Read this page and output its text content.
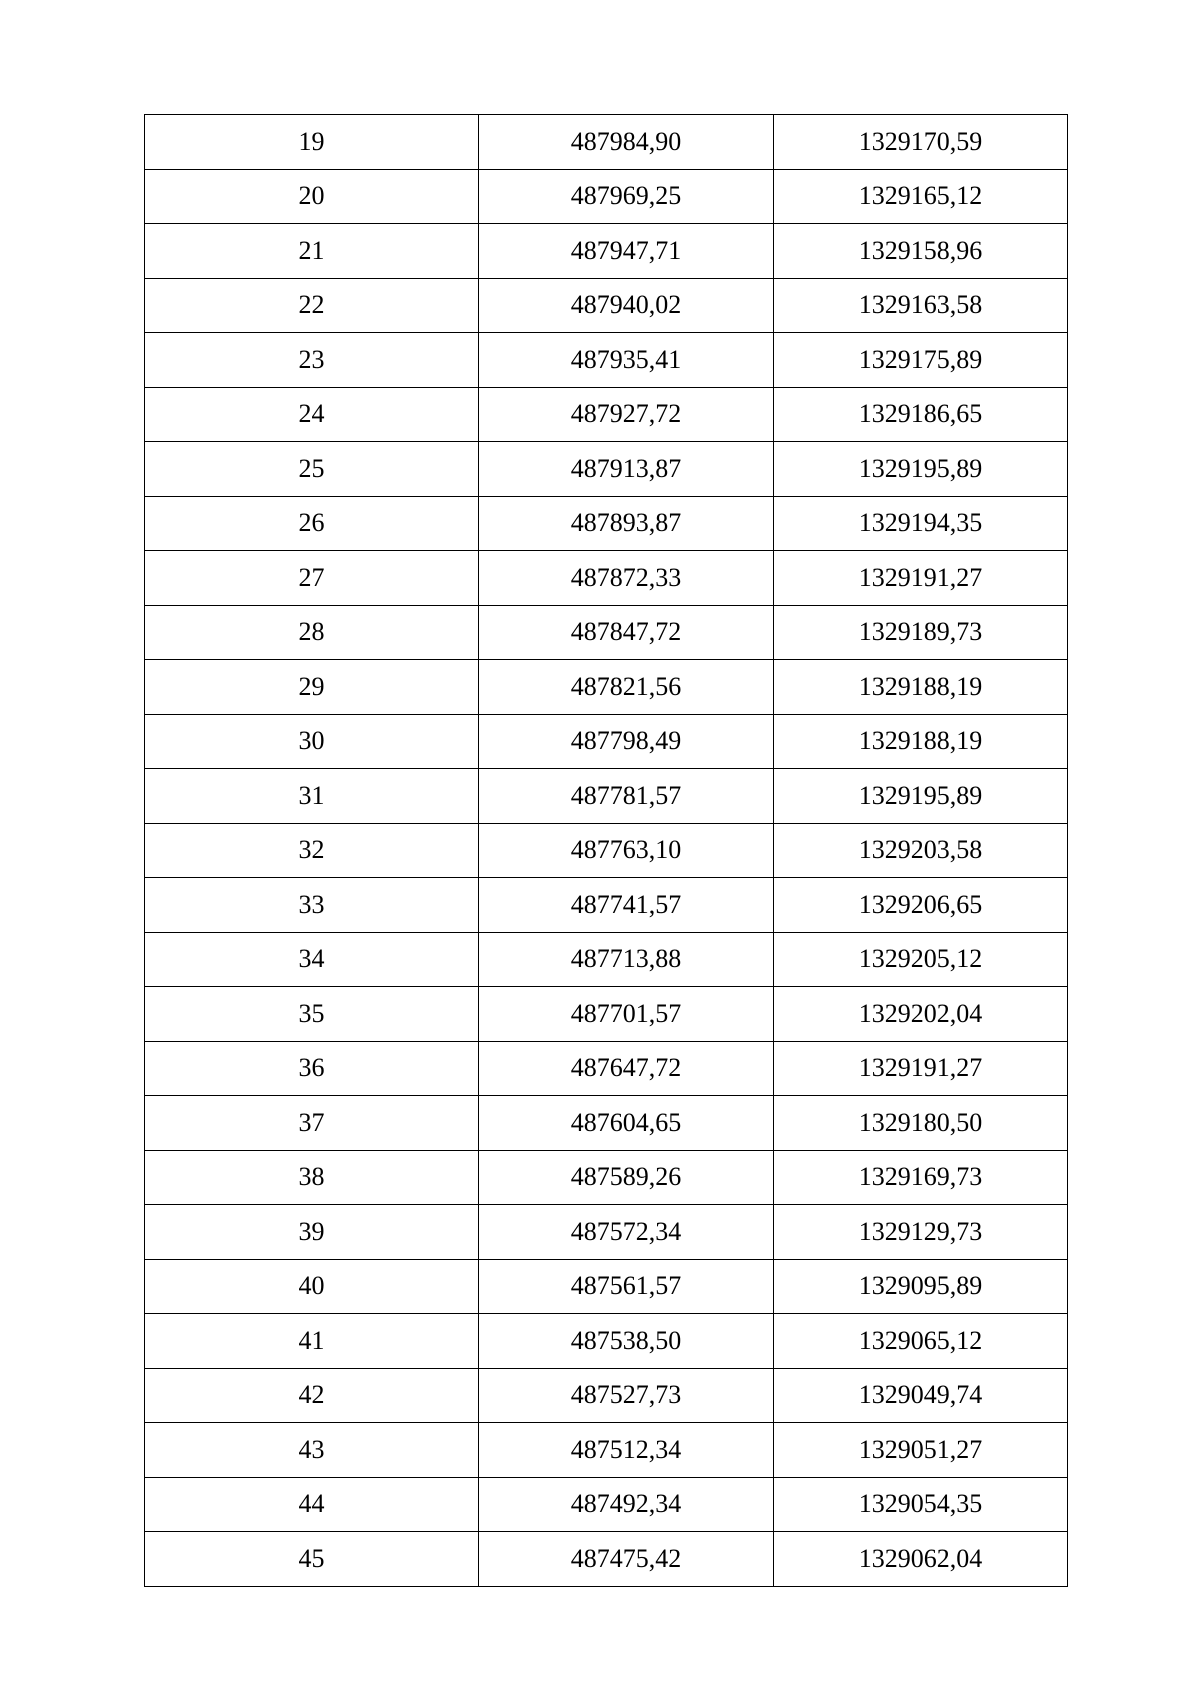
19	487984,90	1329170,59
20	487969,25	1329165,12
21	487947,71	1329158,96
22	487940,02	1329163,58
23	487935,41	1329175,89
24	487927,72	1329186,65
25	487913,87	1329195,89
26	487893,87	1329194,35
27	487872,33	1329191,27
28	487847,72	1329189,73
29	487821,56	1329188,19
30	487798,49	1329188,19
31	487781,57	1329195,89
32	487763,10	1329203,58
33	487741,57	1329206,65
34	487713,88	1329205,12
35	487701,57	1329202,04
36	487647,72	1329191,27
37	487604,65	1329180,50
38	487589,26	1329169,73
39	487572,34	1329129,73
40	487561,57	1329095,89
41	487538,50	1329065,12
42	487527,73	1329049,74
43	487512,34	1329051,27
44	487492,34	1329054,35
45	487475,42	1329062,04
